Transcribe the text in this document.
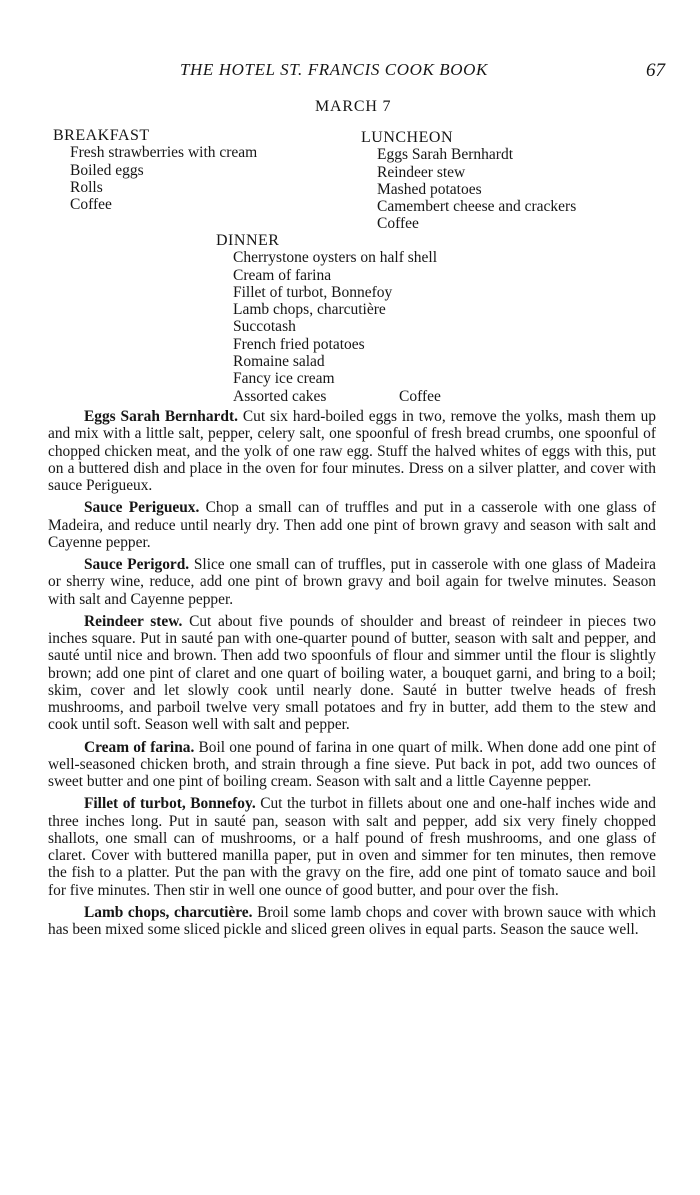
THE HOTEL ST. FRANCIS COOK BOOK	67
MARCH 7
BREAKFAST
Fresh strawberries with cream
Boiled eggs
Rolls
Coffee
LUNCHEON
Eggs Sarah Bernhardt
Reindeer stew
Mashed potatoes
Camembert cheese and crackers
Coffee
DINNER
Cherrystone oysters on half shell
Cream of farina
Fillet of turbot, Bonnefoy
Lamb chops, charcutière
Succotash
French fried potatoes
Romaine salad
Fancy ice cream
Assorted cakes	Coffee

Eggs Sarah Bernhardt. Cut six hard-boiled eggs in two, remove the yolks, mash them up and mix with a little salt, pepper, celery salt, one spoonful of fresh bread crumbs, one spoonful of chopped chicken meat, and the yolk of one raw egg. Stuff the halved whites of eggs with this, put on a buttered dish and place in the oven for four minutes. Dress on a silver platter, and cover with sauce Perigueux.

Sauce Perigueux. Chop a small can of truffles and put in a casserole with one glass of Madeira, and reduce until nearly dry. Then add one pint of brown gravy and season with salt and Cayenne pepper.

Sauce Perigord. Slice one small can of truffles, put in casserole with one glass of Madeira or sherry wine, reduce, add one pint of brown gravy and boil again for twelve minutes. Season with salt and Cayenne pepper.

Reindeer stew. Cut about five pounds of shoulder and breast of reindeer in pieces two inches square. Put in sauté pan with one-quarter pound of butter, season with salt and pepper, and sauté until nice and brown. Then add two spoonfuls of flour and simmer until the flour is slightly brown; add one pint of claret and one quart of boiling water, a bouquet garni, and bring to a boil; skim, cover and let slowly cook until nearly done. Sauté in butter twelve heads of fresh mushrooms, and parboil twelve very small potatoes and fry in butter, add them to the stew and cook until soft. Season well with salt and pepper.

Cream of farina. Boil one pound of farina in one quart of milk. When done add one pint of well-seasoned chicken broth, and strain through a fine sieve. Put back in pot, add two ounces of sweet butter and one pint of boiling cream. Season with salt and a little Cayenne pepper.

Fillet of turbot, Bonnefoy. Cut the turbot in fillets about one and one-half inches wide and three inches long. Put in sauté pan, season with salt and pepper, add six very finely chopped shallots, one small can of mushrooms, or a half pound of fresh mushrooms, and one glass of claret. Cover with buttered manilla paper, put in oven and simmer for ten minutes, then remove the fish to a platter. Put the pan with the gravy on the fire, add one pint of tomato sauce and boil for five minutes. Then stir in well one ounce of good butter, and pour over the fish.

Lamb chops, charcutière. Broil some lamb chops and cover with brown sauce with which has been mixed some sliced pickle and sliced green olives in equal parts. Season the sauce well.
